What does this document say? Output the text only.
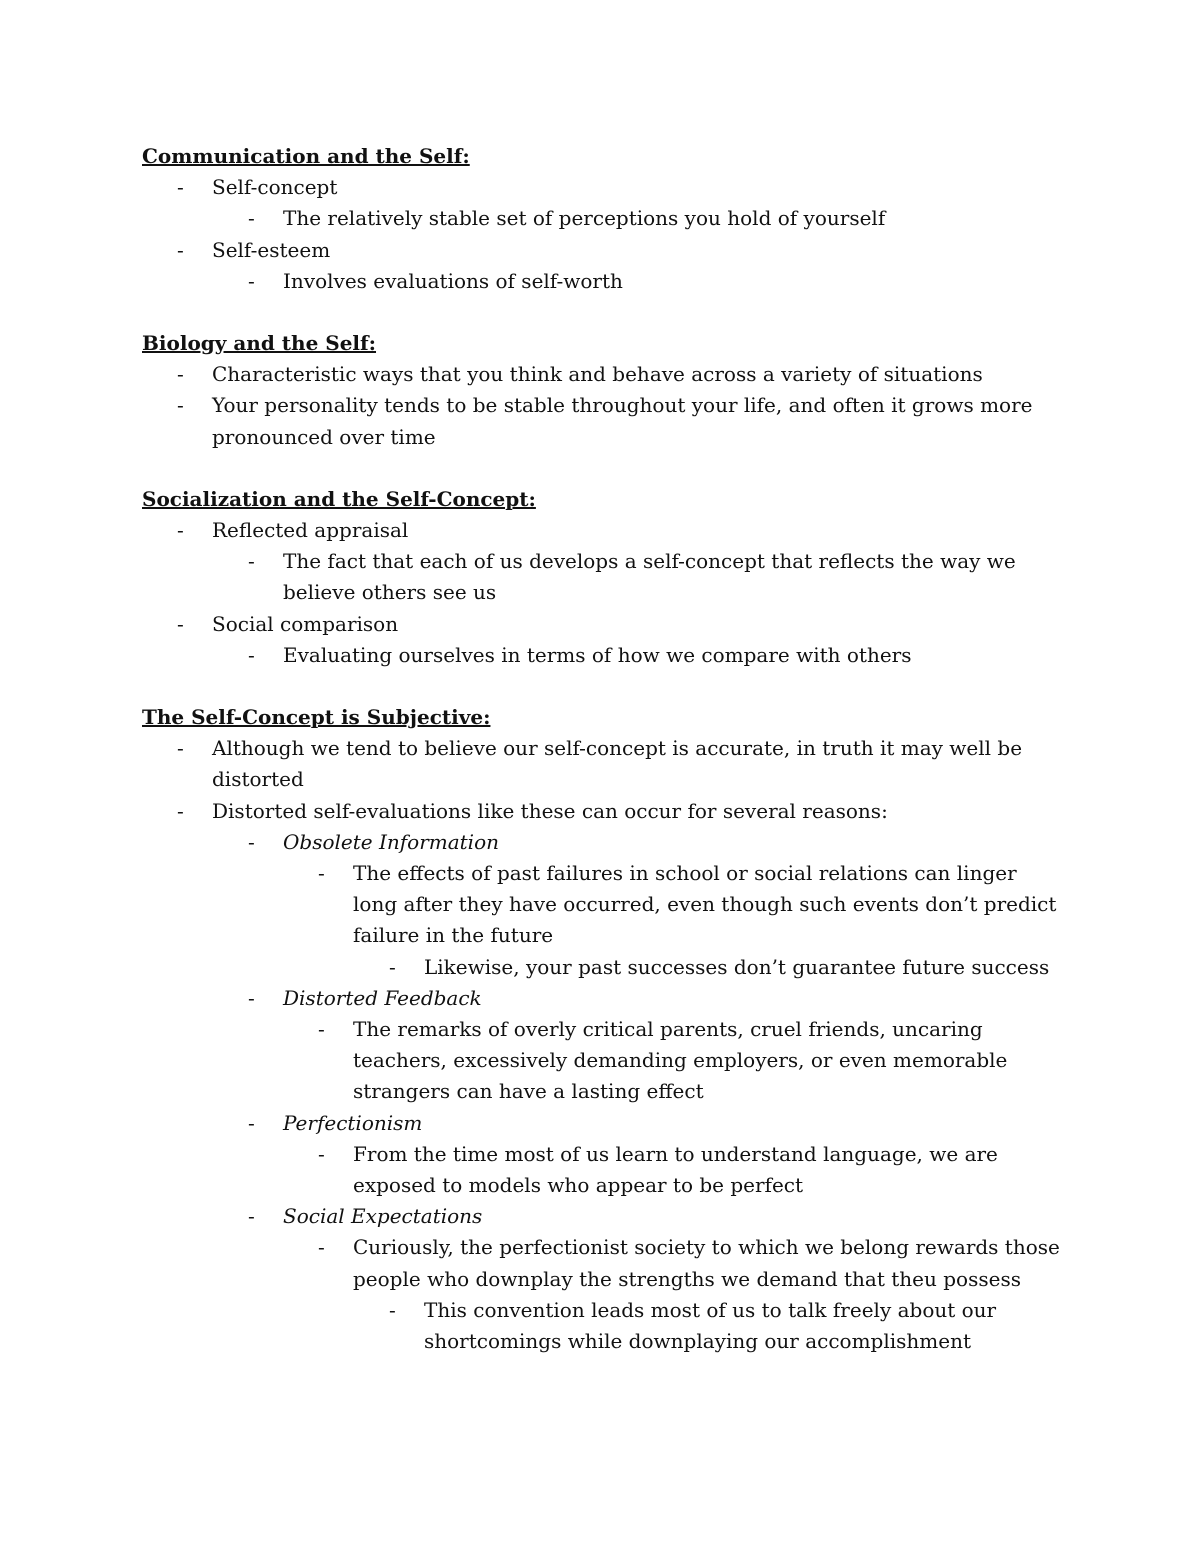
Communication and the Self:
- Self-concept
- The relatively stable set of perceptions you hold of yourself
- Self-esteem
- Involves evaluations of self-worth
Biology and the Self:
- Characteristic ways that you think and behave across a variety of situations
- Your personality tends to be stable throughout your life, and often it grows more pronounced over time
Socialization and the Self-Concept:
- Reflected appraisal
- The fact that each of us develops a self-concept that reflects the way we believe others see us
- Social comparison
- Evaluating ourselves in terms of how we compare with others
The Self-Concept is Subjective:
- Although we tend to believe our self-concept is accurate, in truth it may well be distorted
- Distorted self-evaluations like these can occur for several reasons:
- Obsolete Information
- The effects of past failures in school or social relations can linger long after they have occurred, even though such events don’t predict failure in the future
- Likewise, your past successes don’t guarantee future success
- Distorted Feedback
- The remarks of overly critical parents, cruel friends, uncaring teachers, excessively demanding employers, or even memorable strangers can have a lasting effect
- Perfectionism
- From the time most of us learn to understand language, we are exposed to models who appear to be perfect
- Social Expectations
- Curiously, the perfectionist society to which we belong rewards those people who downplay the strengths we demand that theu possess
- This convention leads most of us to talk freely about our shortcomings while downplaying our accomplishment
